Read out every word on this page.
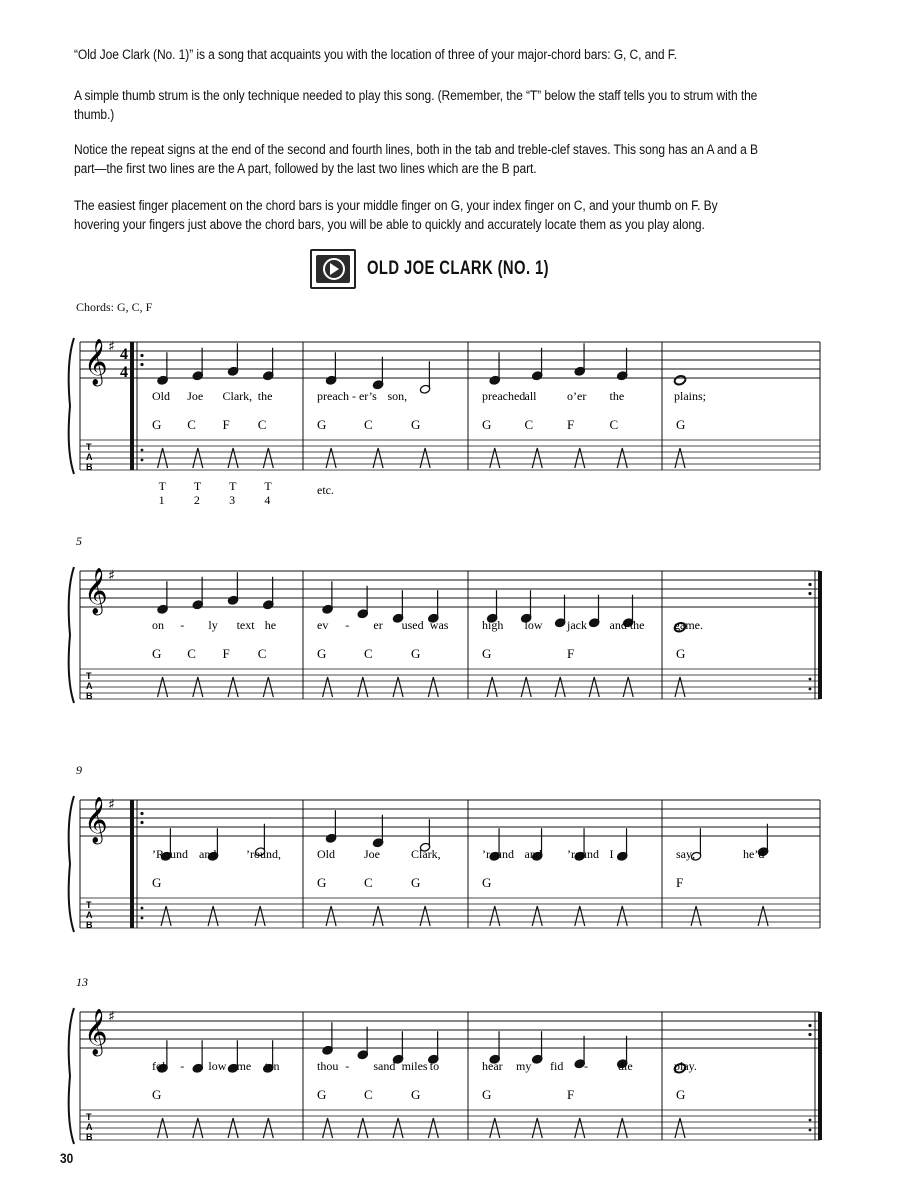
“Old Joe Clark (No. 1)” is a song that acquaints you with the location of three of your major-chord bars: G, C, and F.

A simple thumb strum is the only technique needed to play this song. (Remember, the “T” below the staff tells you to strum with the thumb.)

Notice the repeat signs at the end of the second and fourth lines, both in the tab and treble-clef staves. This song has an A and a B part—the first two lines are the A part, followed by the last two lines which are the B part.

The easiest finger placement on the chord bars is your middle finger on G, your index finger on C, and your thumb on F. By hovering your fingers just above the chord bars, you will be able to quickly and accurately locate them as you play along.

OLD JOE CLARK (NO. 1)
Chords: G, C, F
𝄞 ♯
T
A
B
4
4
Old Joe Clark, the
G C F C
preach - er’s son,
G	C	G
preached all	o’er the
G	C	F	C
plains;
G
T
1
T
2
T
3
T
4
etc.
5
𝄞 ♯
T
A
B
on - ly text he
G C F C
ev - er used was
G	C	G
high low jack and the
G	F
game.
G
9
𝄞 ♯
T
A
B
’Round and ’round,
G
Old Joe	Clark,
G	C	G
’round and ’round I
G
say;	he’d
F
13
𝄞 ♯
T
A
B
fol - low me ten
G
thou - sand miles to
G	C	G
hear my fid -	dle
G	F
play.
G
30
